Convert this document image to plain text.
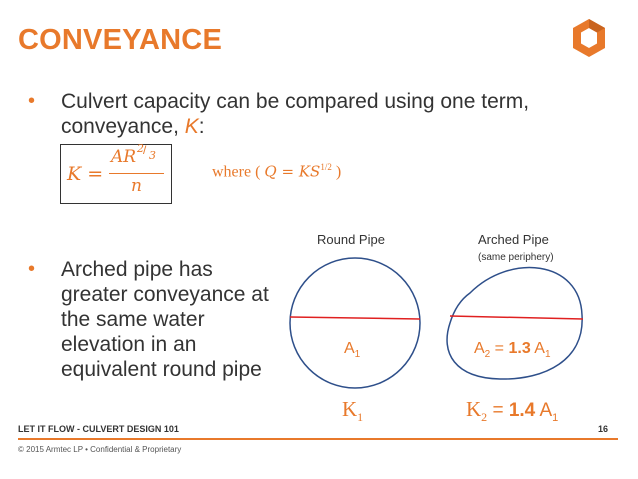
CONVEYANCE
• Culvert capacity can be compared using one term,
conveyance, K:
K =
AR 2 / 3
n
where ( $Q = KS^{1/2}$ )
• Arched pipe has
greater conveyance at
the same water
elevation in an
equivalent round pipe
Round Pipe	Arched Pipe
(same periphery)
$A_1$	$A_2 = 1.3$ $A_1$
$K_1$	$K_2 = 1.4$ $A_1$
LET IT FLOW - CULVERT DESIGN 101	16
© 2015 Armtec LP • Confidential & Proprietary
